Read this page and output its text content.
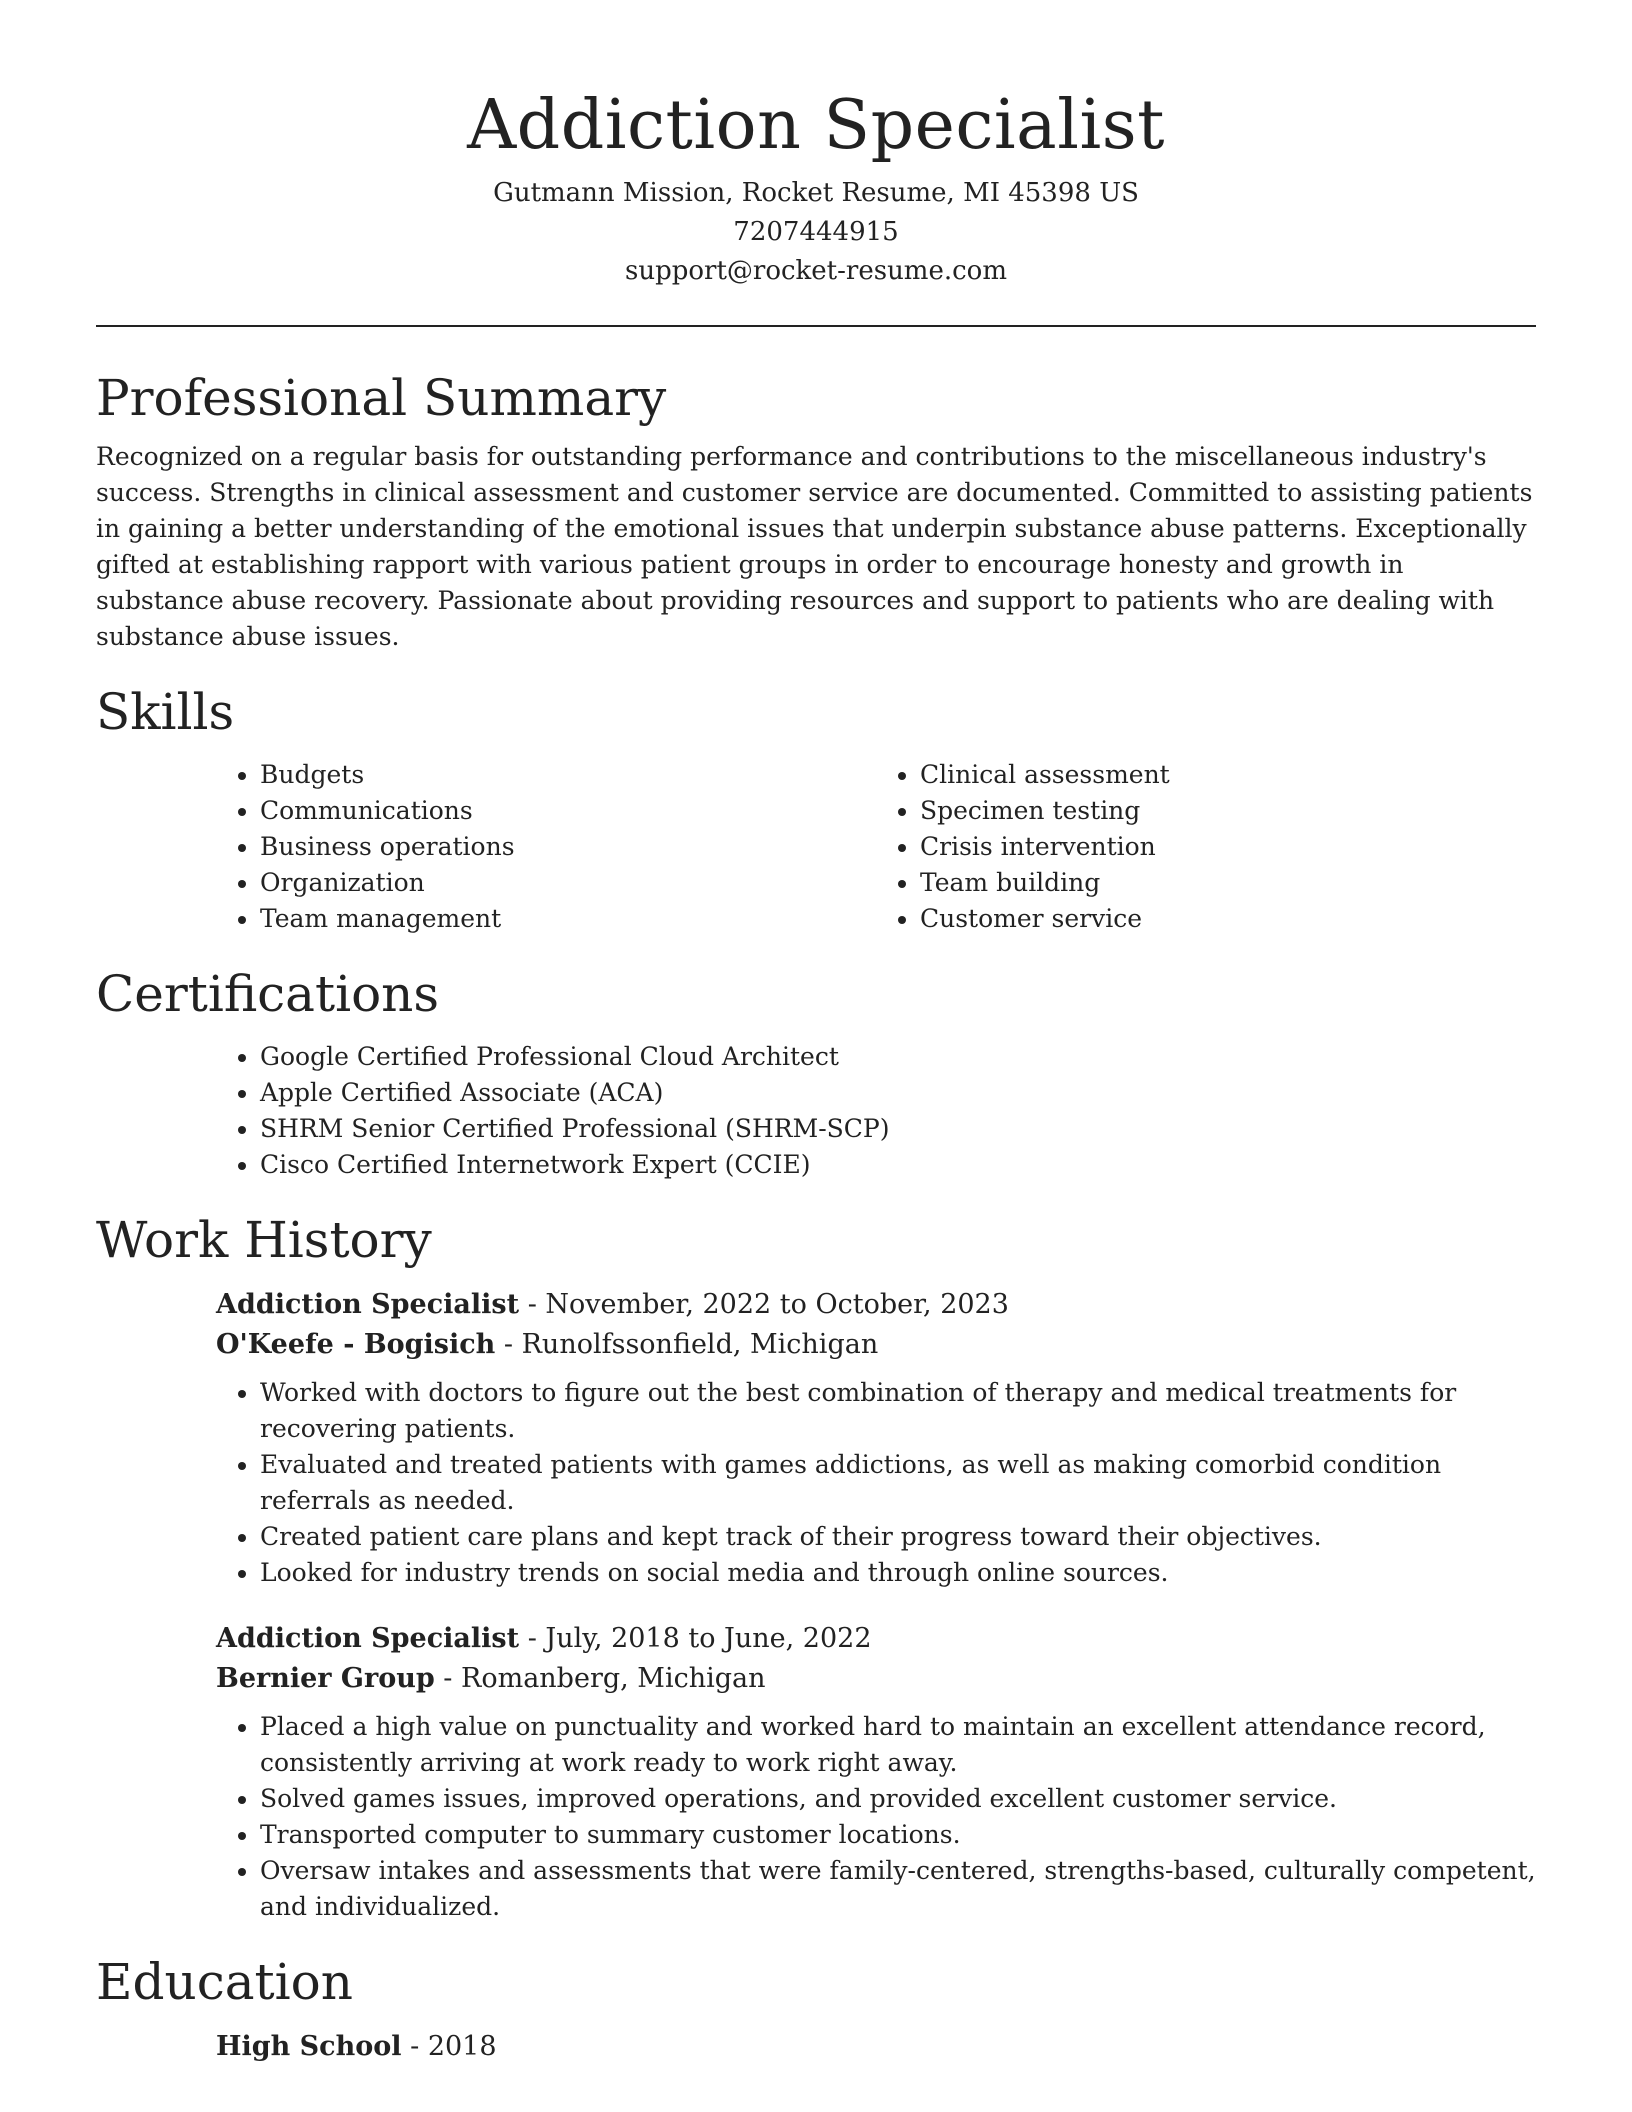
Addiction Specialist
Gutmann Mission, Rocket Resume, MI 45398 US
7207444915
support@rocket-resume.com
Professional Summary

Recognized on a regular basis for outstanding performance and contributions to the miscellaneous industry's success. Strengths in clinical assessment and customer service are documented. Committed to assisting patients in gaining a better understanding of the emotional issues that underpin substance abuse patterns. Exceptionally gifted at establishing rapport with various patient groups in order to encourage honesty and growth in substance abuse recovery. Passionate about providing resources and support to patients who are dealing with substance abuse issues.

Skills
• Budgets
• Communications
• Business operations
• Organization
• Team management
• Clinical assessment
• Specimen testing
• Crisis intervention
• Team building
• Customer service
Certifications
• Google Certified Professional Cloud Architect
• Apple Certified Associate (ACA)
• SHRM Senior Certified Professional (SHRM-SCP)
• Cisco Certified Internetwork Expert (CCIE)
Work History
Addiction Specialist - November, 2022 to October, 2023
O'Keefe - Bogisich - Runolfssonfield, Michigan
• Worked with doctors to figure out the best combination of therapy and medical treatments for recovering patients.
• Evaluated and treated patients with games addictions, as well as making comorbid condition referrals as needed.
• Created patient care plans and kept track of their progress toward their objectives.
• Looked for industry trends on social media and through online sources.
Addiction Specialist - July, 2018 to June, 2022
Bernier Group - Romanberg, Michigan
• Placed a high value on punctuality and worked hard to maintain an excellent attendance record, consistently arriving at work ready to work right away.
• Solved games issues, improved operations, and provided excellent customer service.
• Transported computer to summary customer locations.
• Oversaw intakes and assessments that were family-centered, strengths-based, culturally competent, and individualized.
Education
High School - 2018
